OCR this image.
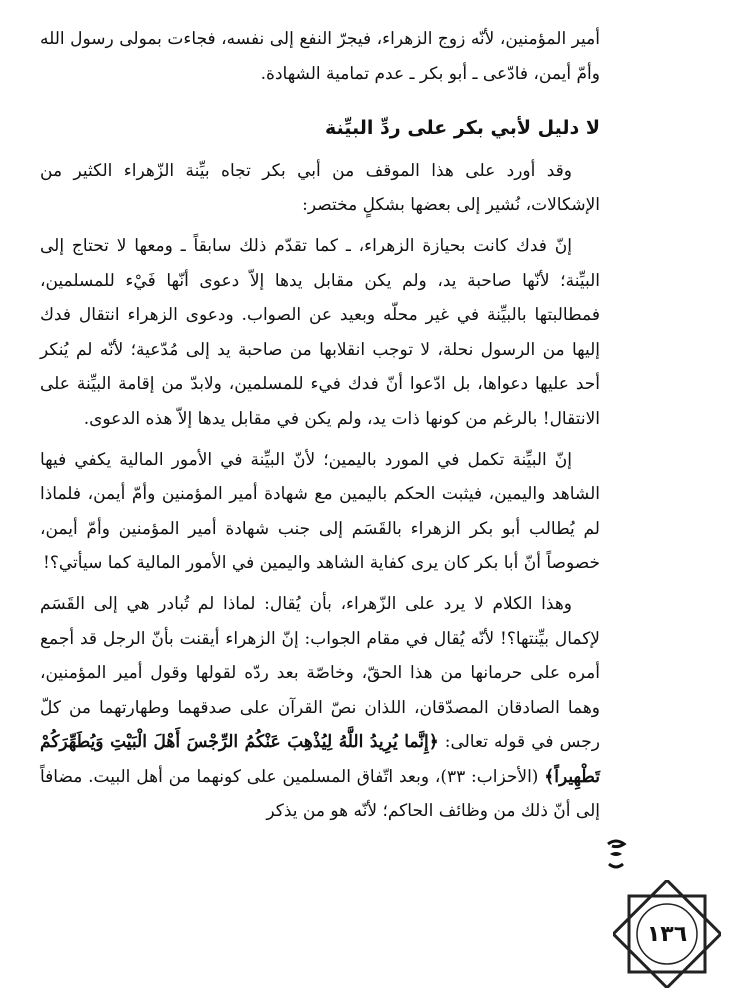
أمير المؤمنين، لأنّه زوج الزهراء، فيجرّ النفع إلى نفسه، فجاءت بمولى رسول الله وأمّ أيمن، فادّعى ـ أبو بكر ـ عدم تمامية الشهادة.

لا دليل لأبي بكر على ردِّ البيِّنة

وقد أورد على هذا الموقف من أبي بكر تجاه بيِّنة الزّهراء الكثير من الإشكالات، نُشير إلى بعضها بشكلٍ مختصر:

إنّ فدك كانت بحيازة الزهراء، ـ كما تقدّم ذلك سابقاً ـ ومعها لا تحتاج إلى البيِّنة؛ لأنّها صاحبة يد، ولم يكن مقابل يدها إلاّ دعوى أنّها فَيْء للمسلمين، فمطالبتها بالبيِّنة في غير محلّه وبعيد عن الصواب. ودعوى الزهراء انتقال فدك إليها من الرسول نحلة، لا توجب انقلابها من صاحبة يد إلى مُدّعية؛ لأنّه لم يُنكر أحد عليها دعواها، بل ادّعوا أنّ فدك فيء للمسلمين، ولابدّ من إقامة البيِّنة على الانتقال! بالرغم من كونها ذات يد، ولم يكن في مقابل يدها إلاّ هذه الدعوى.

إنّ البيِّنة تكمل في المورد باليمين؛ لأنّ البيِّنة في الأمور المالية يكفي فيها الشاهد واليمين، فيثبت الحكم باليمين مع شهادة أمير المؤمنين وأمّ أيمن، فلماذا لم يُطالب أبو بكر الزهراء بالقَسَم إلى جنب شهادة أمير المؤمنين وأمّ أيمن، خصوصاً أنّ أبا بكر كان يرى كفاية الشاهد واليمين في الأمور المالية كما سيأتي؟!

وهذا الكلام لا يرد على الزّهراء، بأن يُقال: لماذا لم تُبادر هي إلى القَسَم لإكمال بيِّنتها؟! لأنّه يُقال في مقام الجواب: إنّ الزهراء أيقنت بأنّ الرجل قد أجمع أمره على حرمانها من هذا الحقّ، وخاصّة بعد ردّه لقولها وقول أمير المؤمنين، وهما الصادقان المصدّقان، اللذان نصّ القرآن على صدقهما وطهارتهما من كلّ رجس في قوله تعالى: ﴿إِنَّما يُرِيدُ اللَّهُ لِيُذْهِبَ عَنْكُمُ الرِّجْسَ أَهْلَ الْبَيْتِ وَيُطَهِّرَكُمْ تَطْهِيراً﴾ (الأحزاب: ٣٣)، وبعد اتّفاق المسلمين على كونهما من أهل البيت. مضافاً إلى أنّ ذلك من وظائف الحاكم؛ لأنّه هو من يذكر

١٣٦
